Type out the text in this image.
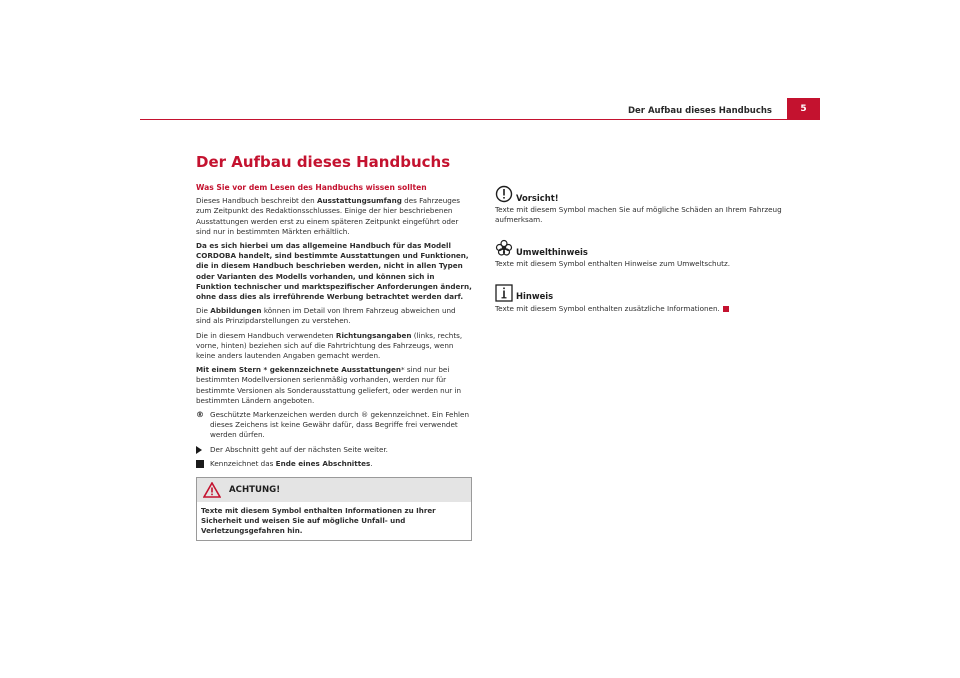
Der Aufbau dieses Handbuchs	5
Der Aufbau dieses Handbuchs
Was Sie vor dem Lesen des Handbuchs wissen sollten

Dieses Handbuch beschreibt den Ausstattungsumfang des Fahrzeuges zum Zeitpunkt des Redaktionsschlusses. Einige der hier beschriebenen Ausstattungen werden erst zu einem späteren Zeitpunkt eingeführt oder sind nur in bestimmten Märkten erhältlich.

Da es sich hierbei um das allgemeine Handbuch für das Modell CORDOBA handelt, sind bestimmte Ausstattungen und Funktionen, die in diesem Handbuch beschrieben werden, nicht in allen Typen oder Varianten des Modells vorhanden, und können sich in Funktion technischer und marktspezifischer Anforderungen ändern, ohne dass dies als irreführende Werbung betrachtet werden darf.

Die Abbildungen können im Detail von Ihrem Fahrzeug abweichen und sind als Prinzipdarstellungen zu verstehen.

Die in diesem Handbuch verwendeten Richtungsangaben (links, rechts, vorne, hinten) beziehen sich auf die Fahrtrichtung des Fahrzeugs, wenn keine anders lautenden Angaben gemacht werden.

Mit einem Stern * gekennzeichnete Ausstattungen* sind nur bei bestimmten Modellversionen serienmäßig vorhanden, werden nur für bestimmte Versionen als Sonderausstattung geliefert, oder werden nur in bestimmten Ländern angeboten.

® Geschützte Markenzeichen werden durch ® gekennzeichnet. Ein Fehlen dieses Zeichens ist keine Gewähr dafür, dass Begriffe frei verwendet werden dürfen.
Der Abschnitt geht auf der nächsten Seite weiter.
Kennzeichnet das Ende eines Abschnittes.
ACHTUNG!
Texte mit diesem Symbol enthalten Informationen zu Ihrer Sicherheit und weisen Sie auf mögliche Unfall- und Verletzungsgefahren hin.
Vorsicht!
Texte mit diesem Symbol machen Sie auf mögliche Schäden an Ihrem Fahrzeug aufmerksam.
Umwelthinweis
Texte mit diesem Symbol enthalten Hinweise zum Umweltschutz.
Hinweis
Texte mit diesem Symbol enthalten zusätzliche Informationen.
